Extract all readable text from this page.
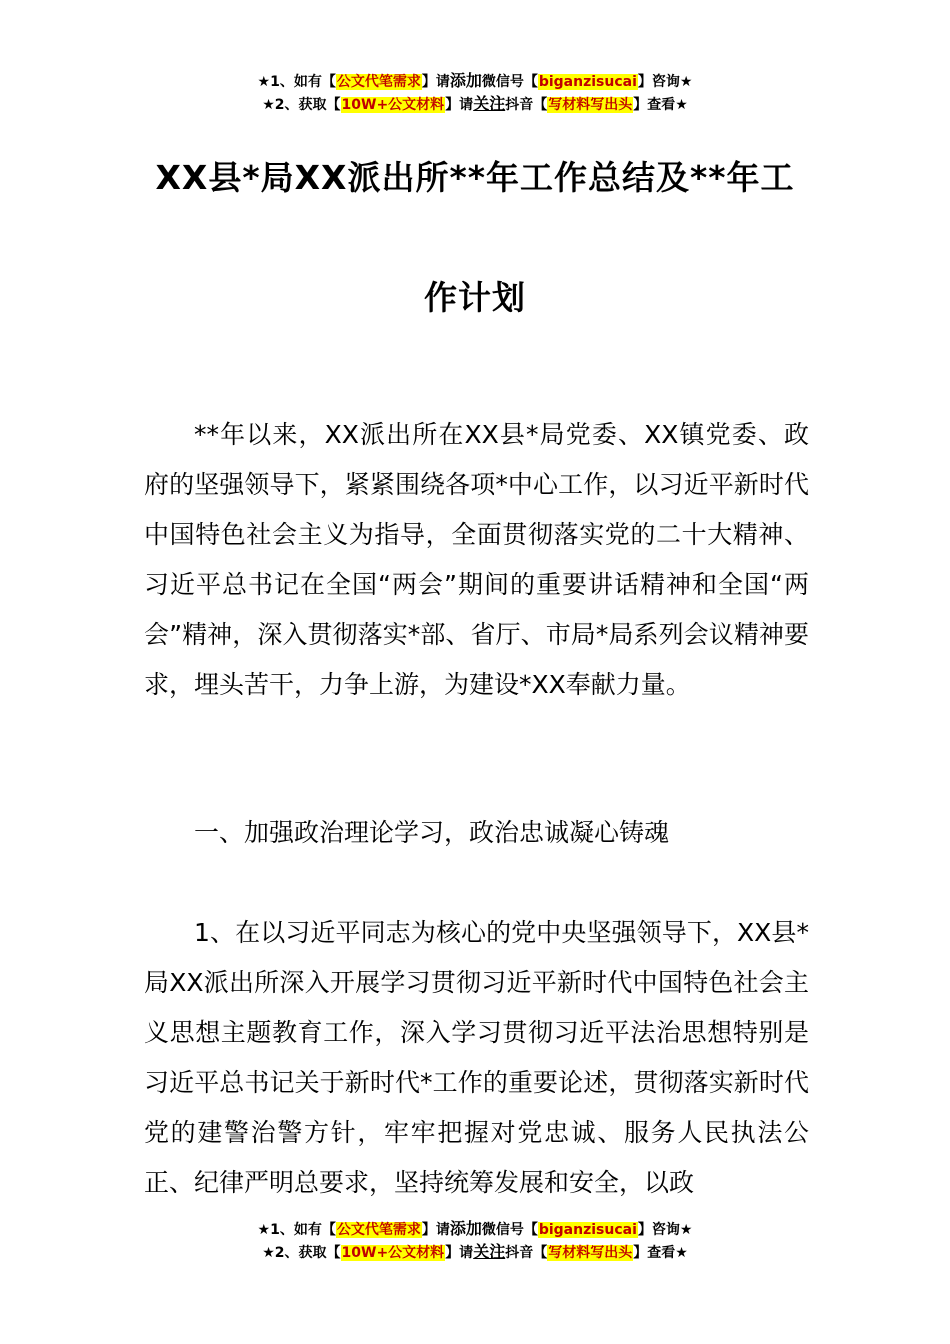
★1、如有【公文代笔需求】请添加微信号【biganzisucai】咨询★
★2、获取【10W+公文材料】请关注抖音【写材料写出头】查看★
XX县*局XX派出所**年工作总结及**年工
作计划
**年以来，XX派出所在XX县*局党委、XX镇党委、政府的坚强领导下，紧紧围绕各项*中心工作，以习近平新时代中国特色社会主义为指导，全面贯彻落实党的二十大精神、习近平总书记在全国“两会”期间的重要讲话精神和全国“两会”精神，深入贯彻落实*部、省厅、市局*局系列会议精神要求，埋头苦干，力争上游，为建设*XX奉献力量。
一、加强政治理论学习，政治忠诚凝心铸魂
1、在以习近平同志为核心的党中央坚强领导下，XX县*局XX派出所深入开展学习贯彻习近平新时代中国特色社会主义思想主题教育工作，深入学习贯彻习近平法治思想特别是习近平总书记关于新时代*工作的重要论述，贯彻落实新时代党的建警治警方针，牢牢把握对党忠诚、服务人民执法公正、纪律严明总要求，坚持统筹发展和安全，以政
★1、如有【公文代笔需求】请添加微信号【biganzisucai】咨询★
★2、获取【10W+公文材料】请关注抖音【写材料写出头】查看★
